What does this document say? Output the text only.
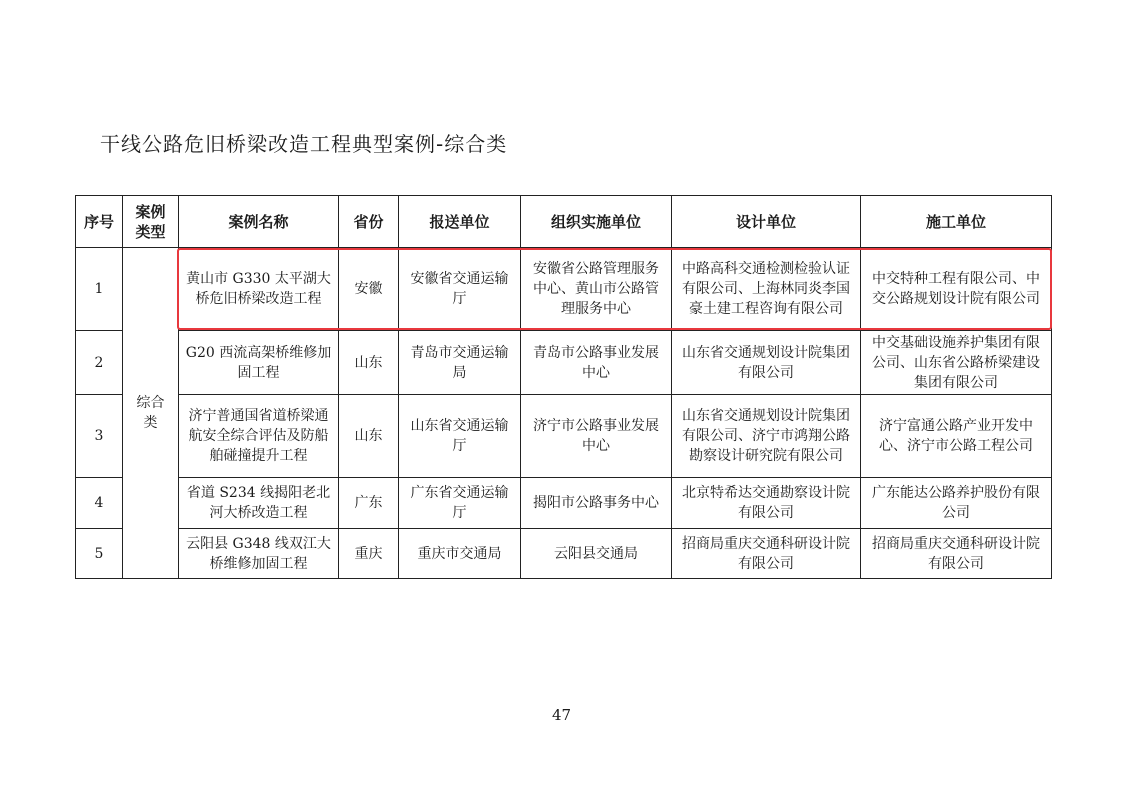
干线公路危旧桥梁改造工程典型案例-综合类
序号	案例类型	案例名称	省份	报送单位	组织实施单位	设计单位	施工单位
1	综合类	黄山市 G330 太平湖大桥危旧桥梁改造工程	安徽	安徽省交通运输厅	安徽省公路管理服务中心、黄山市公路管理服务中心	中路高科交通检测检验认证有限公司、上海林同炎李国豪土建工程咨询有限公司	中交特种工程有限公司、中交公路规划设计院有限公司
2		G20 西流高架桥维修加固工程	山东	青岛市交通运输局	青岛市公路事业发展中心	山东省交通规划设计院集团有限公司	中交基础设施养护集团有限公司、山东省公路桥梁建设集团有限公司
3		济宁普通国省道桥梁通航安全综合评估及防船舶碰撞提升工程	山东	山东省交通运输厅	济宁市公路事业发展中心	山东省交通规划设计院集团有限公司、济宁市鸿翔公路勘察设计研究院有限公司	济宁富通公路产业开发中心、济宁市公路工程公司
4		省道 S234 线揭阳老北河大桥改造工程	广东	广东省交通运输厅	揭阳市公路事务中心	北京特希达交通勘察设计院有限公司	广东能达公路养护股份有限公司
5		云阳县 G348 线双江大桥维修加固工程	重庆	重庆市交通局	云阳县交通局	招商局重庆交通科研设计院有限公司	招商局重庆交通科研设计院有限公司
47
